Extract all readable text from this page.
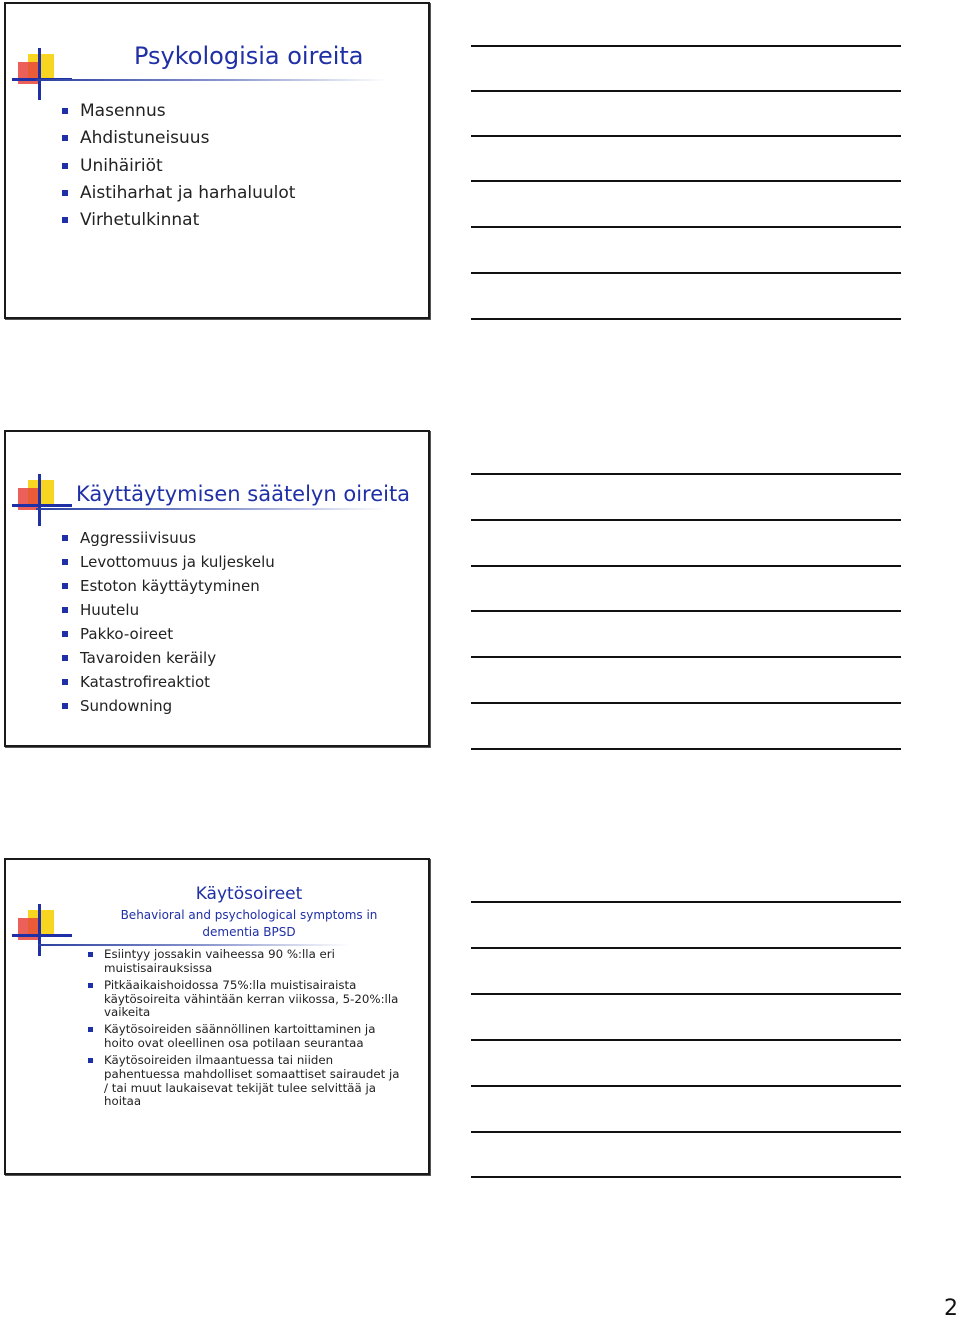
Psykologisia oireita
Masennus
Ahdistuneisuus
Unihäiriöt
Aistiharhat ja harhaluulot
Virhetulkinnat
Käyttäytymisen säätelyn oireita
Aggressiivisuus
Levottomuus ja kuljeskelu
Estoton käyttäytyminen
Huutelu
Pakko-oireet
Tavaroiden keräily
Katastrofireaktiot
Sundowning
Käytösoireet
Behavioral and psychological symptoms in dementia BPSD
Esiintyy jossakin vaiheessa 90 %:lla eri muistisairauksissa
Pitkäaikaishoidossa 75%:lla muistisairaista käytösoireita vähintään kerran viikossa, 5-20%:lla vaikeita
Käytösoireiden säännöllinen kartoittaminen ja hoito ovat oleellinen osa potilaan seurantaa
Käytösoireiden ilmaantuessa tai niiden pahentuessa mahdolliset somaattiset sairaudet ja / tai muut laukaisevat tekijät tulee selvittää ja hoitaa
2
